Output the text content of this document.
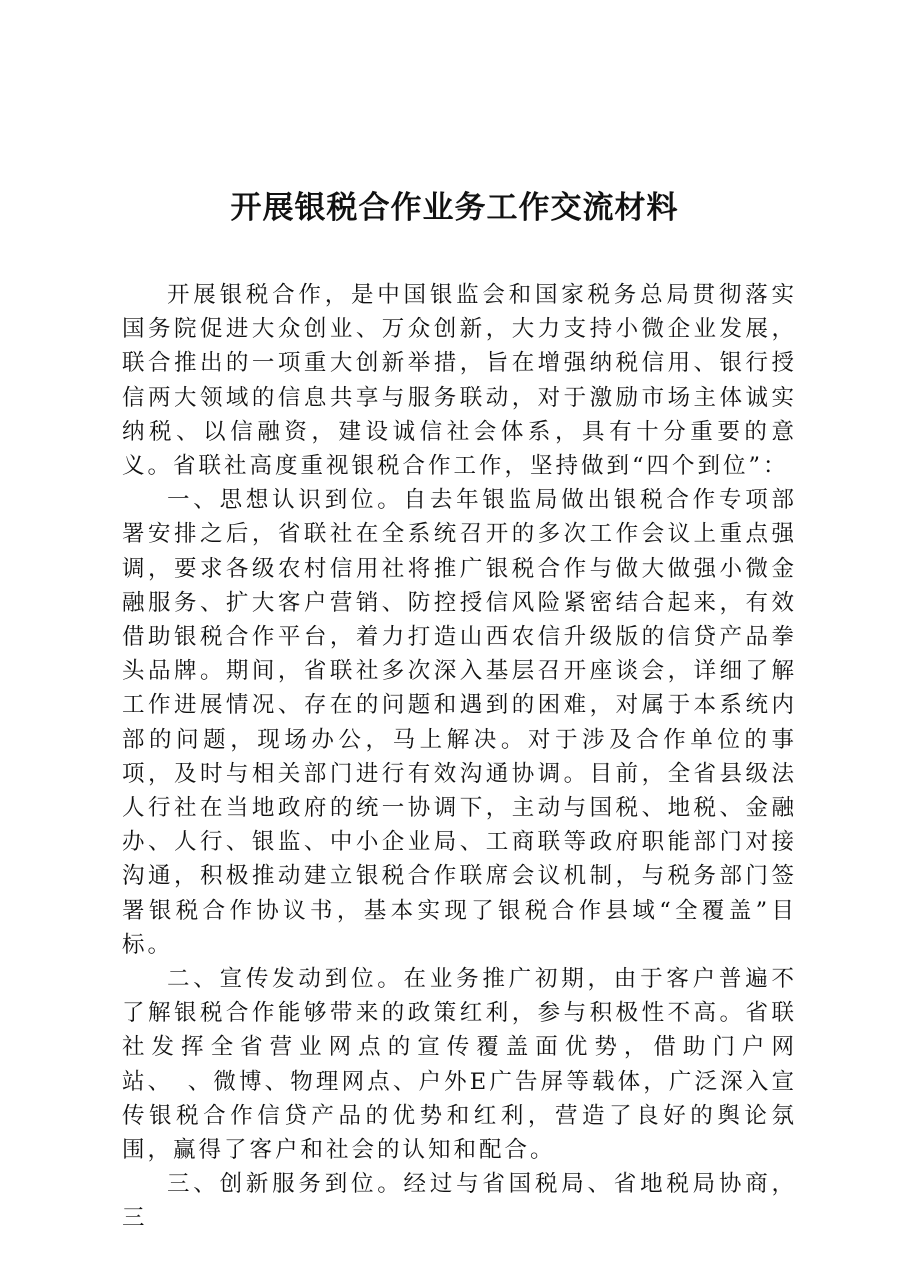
开展银税合作业务工作交流材料

开展银税合作，是中国银监会和国家税务总局贯彻落实国务院促进大众创业、万众创新，大力支持小微企业发展，联合推出的一项重大创新举措，旨在增强纳税信用、银行授信两大领域的信息共享与服务联动，对于激励市场主体诚实纳税、以信融资，建设诚信社会体系，具有十分重要的意义。省联社高度重视银税合作工作，坚持做到“四个到位”：

一、思想认识到位。自去年银监局做出银税合作专项部署安排之后，省联社在全系统召开的多次工作会议上重点强调，要求各级农村信用社将推广银税合作与做大做强小微金融服务、扩大客户营销、防控授信风险紧密结合起来，有效借助银税合作平台，着力打造山西农信升级版的信贷产品拳头品牌。期间，省联社多次深入基层召开座谈会，详细了解工作进展情况、存在的问题和遇到的困难，对属于本系统内部的问题，现场办公，马上解决。对于涉及合作单位的事项，及时与相关部门进行有效沟通协调。目前，全省县级法人行社在当地政府的统一协调下，主动与国税、地税、金融办、人行、银监、中小企业局、工商联等政府职能部门对接沟通，积极推动建立银税合作联席会议机制，与税务部门签署银税合作协议书，基本实现了银税合作县域“全覆盖”目标。

二、宣传发动到位。在业务推广初期，由于客户普遍不了解银税合作能够带来的政策红利，参与积极性不高。省联社发挥全省营业网点的宣传覆盖面优势，借助门户网站、　、微博、物理网点、户外E广告屏等载体，广泛深入宣传银税合作信贷产品的优势和红利，营造了良好的舆论氛围，赢得了客户和社会的认知和配合。

三、创新服务到位。经过与省国税局、省地税局协商，三
